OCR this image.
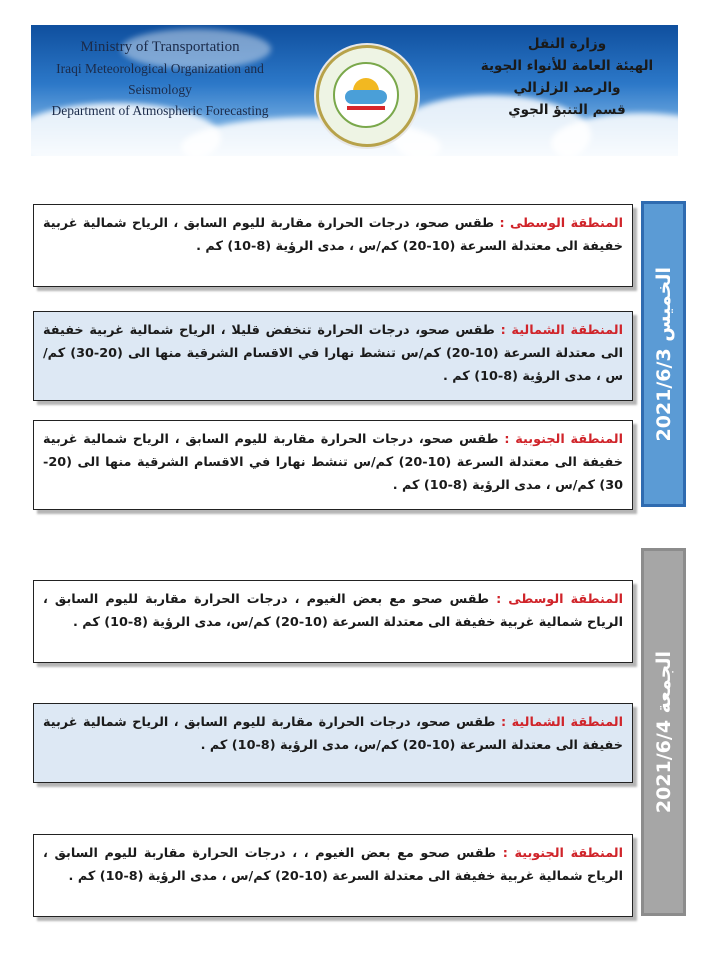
Ministry of Transportation
Iraqi Meteorological Organization and Seismology
Department of Atmospheric Forecasting
وزارة النقل
الهيئة العامة للأنواء الجوية والرصد الزلزالي
قسم التنبؤ الجوي
الخميس 2021/6/3
المنطقة الوسطى : طقس صحو، درجات الحرارة مقاربة لليوم السابق ، الرياح شمالية غربية خفيفة الى معتدلة السرعة (10-20) كم/س ، مدى الرؤية (8-10) كم .
المنطقة الشمالية : طقس صحو، درجات الحرارة تنخفض قليلا ، الرياح شمالية غربية خفيفة الى معتدلة السرعة (10-20) كم/س تنشط نهارا في الاقسام الشرقية منها الى (20-30) كم/س ، مدى الرؤية (8-10) كم .
المنطقة الجنوبية : طقس صحو، درجات الحرارة مقاربة لليوم السابق ، الرياح شمالية غربية خفيفة الى معتدلة السرعة (10-20) كم/س تنشط نهارا في الاقسام الشرقية منها الى (20-30) كم/س ، مدى الرؤية (8-10) كم .
الجمعة 2021/6/4
المنطقة الوسطى : طقس صحو مع بعض الغيوم ، درجات الحرارة مقاربة لليوم السابق ، الرياح شمالية غربية خفيفة الى معتدلة السرعة (10-20) كم/س، مدى الرؤية (8-10) كم .
المنطقة الشمالية : طقس صحو، درجات الحرارة مقاربة لليوم السابق ، الرياح شمالية غربية خفيفة الى معتدلة السرعة (10-20) كم/س، مدى الرؤية (8-10) كم .
المنطقة الجنوبية : طقس صحو مع بعض الغيوم ، ، درجات الحرارة مقاربة لليوم السابق ، الرياح شمالية غربية خفيفة الى معتدلة السرعة (10-20) كم/س ، مدى الرؤية (8-10) كم .
